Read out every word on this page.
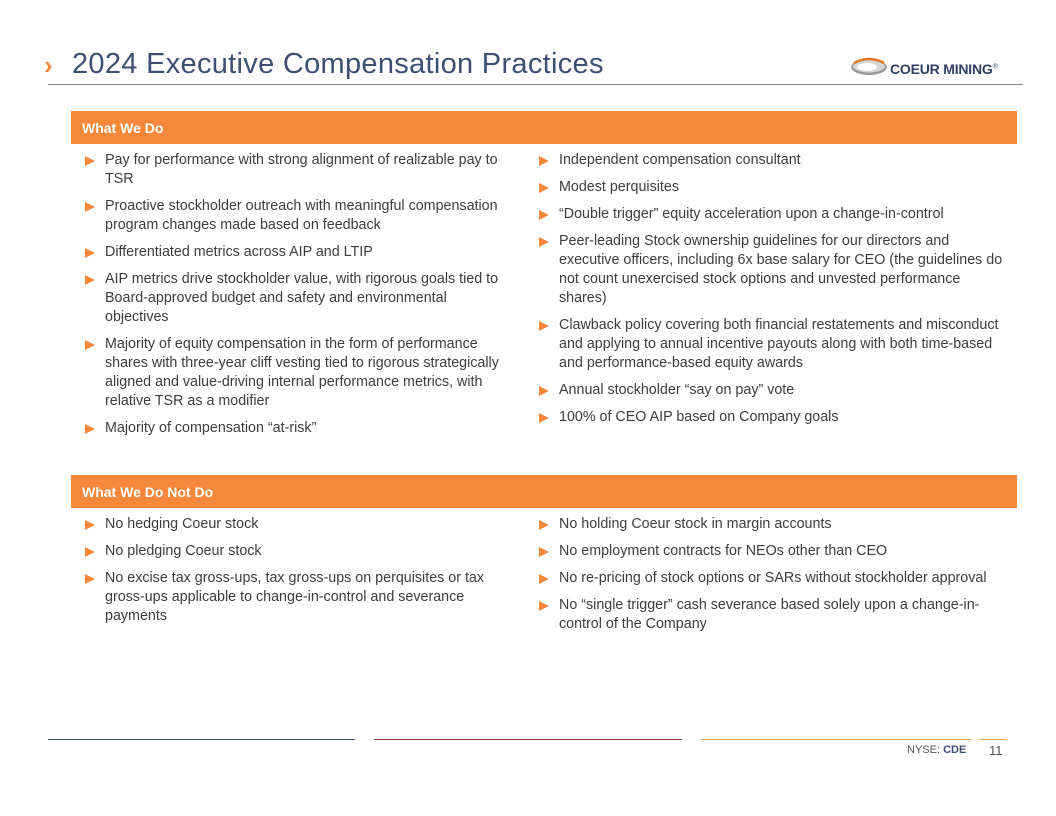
› 2024 Executive Compensation Practices	COEUR MINING®
What We Do
Pay for performance with strong alignment of realizable pay to TSR
Proactive stockholder outreach with meaningful compensation program changes made based on feedback
Differentiated metrics across AIP and LTIP
AIP metrics drive stockholder value, with rigorous goals tied to Board-approved budget and safety and environmental objectives
Majority of equity compensation in the form of performance shares with three-year cliff vesting tied to rigorous strategically aligned and value-driving internal performance metrics, with relative TSR as a modifier
Majority of compensation “at-risk”
Independent compensation consultant
Modest perquisites
“Double trigger” equity acceleration upon a change-in-control
Peer-leading Stock ownership guidelines for our directors and executive officers, including 6x base salary for CEO (the guidelines do not count unexercised stock options and unvested performance shares)
Clawback policy covering both financial restatements and misconduct and applying to annual incentive payouts along with both time-based and performance-based equity awards
Annual stockholder “say on pay” vote
100% of CEO AIP based on Company goals
What We Do Not Do
No hedging Coeur stock
No pledging Coeur stock
No excise tax gross-ups, tax gross-ups on perquisites or tax gross-ups applicable to change-in-control and severance payments
No holding Coeur stock in margin accounts
No employment contracts for NEOs other than CEO
No re-pricing of stock options or SARs without stockholder approval
No “single trigger” cash severance based solely upon a change-in-control of the Company
NYSE: CDE 11
